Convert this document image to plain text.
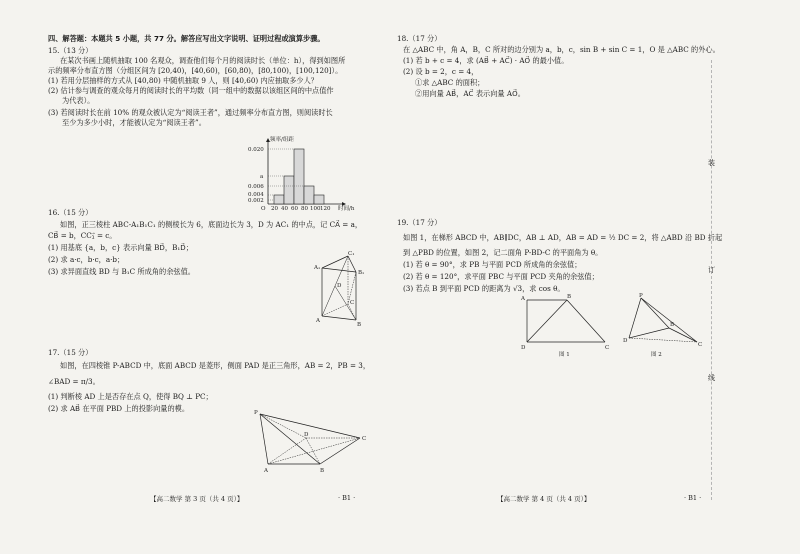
四、解答题：本题共 5 小题，共 77 分。解答应写出文字说明、证明过程或演算步骤。
15.（13 分）
在某次书画上随机抽取 100 名观众，调查他们每个月的阅读时长（单位：h），得到如图所
示的频率分布直方图（分组区间为 [20,40)，[40,60)，[60,80)，[80,100)，[100,120]）。
(1) 若用分层抽样的方式从 [40,80) 中随机抽取 9 人，则 [40,60) 内应抽取多少人？
(2) 估计参与调查的观众每月的阅读时长的平均数（同一组中的数据以该组区间的中点值作
为代表）。
(3) 若阅读时长在前 10% 的观众被认定为“阅读王者”，通过频率分布直方图，则阅读时长
至少为多少小时，才能被认定为“阅读王者”。
频率/组距
时间/h
O
0.020
a
0.006
0.004
0.002
20 40 60 80 100 120
16.（15 分）
如图，正三棱柱 ABC-A₁B₁C₁ 的侧棱长为 6，底面边长为 3，D 为 AC₁ 的中点，记 CA⃗ = a，
CB⃗ = b，CC₁⃗ = c。
(1) 用基底 {a，b，c} 表示向量 BD⃗，B₁D⃗；
(2) 求 a·c，b·c，a·b；
(3) 求异面直线 BD 与 B₁C 所成角的余弦值。	A₁
C₁
B₁
D
A
C
B
17.（15 分）
如图，在四棱锥 P-ABCD 中，底面 ABCD 是菱形，侧面 PAD 是正三角形，AB = 2，PB = 3，
∠BAD = π/3。
(1) 判断棱 AD 上是否存在点 Q，使得 BQ ⊥ PC；
(2) 求 AB⃗ 在平面 PBD 上的投影向量的模。	P
D
C
A	B
【高二数学 第 3 页（共 4 页）】	· B1 ·
18.（17 分）
在 △ABC 中，角 A，B，C 所对的边分别为 a，b，c，sin B + sin C = 1，O 是 △ABC 的外心。
(1) 若 b + c = 4，求 (AB⃗ + AC⃗) · AO⃗ 的最小值。
(2) 设 b = 2，c = 4，
①求 △ABC 的面积；
②用向量 AB⃗，AC⃗ 表示向量 AO⃗。
19.（17 分）
如图 1，在梯形 ABCD 中，AB∥DC，AB ⊥ AD，AB = AD = ½ DC = 2，将 △ABD 沿 BD 折起
到 △PBD 的位置，如图 2，记二面角 P-BD-C 的平面角为 θ。
(1) 若 θ = 90°，求 PB 与平面 PCD 所成角的余弦值；
(2) 若 θ = 120°，求平面 PBC 与平面 PCD 夹角的余弦值；
(3) 若点 B 到平面 PCD 的距离为 √3，求 cos θ。
A	B
D	C
图 1
P
D
B
C
图 2
【高二数学 第 4 页（共 4 页）】	· B1 ·
装
订
线
